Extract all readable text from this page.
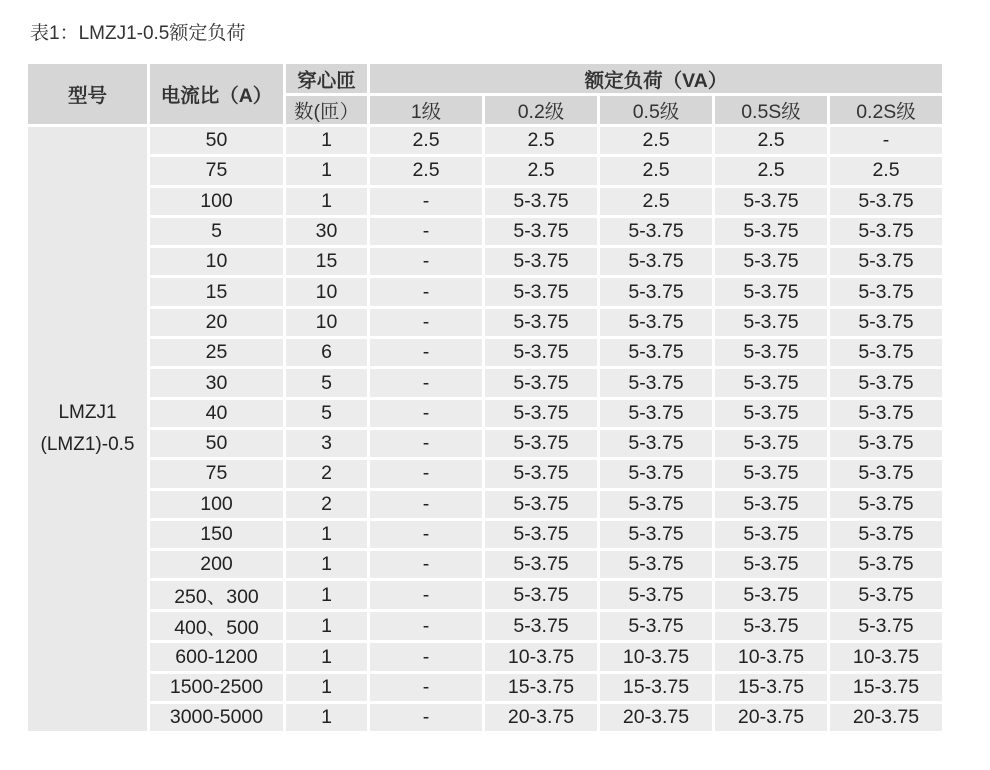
表1：LMZJ1-0.5额定负荷
型号	电流比（A）	穿心匝	额定负荷（VA）				
		数(匝）	1级	0.2级	0.5级	0.5S级	0.2S级

LMZJ1
(LMZ1)-0.5	50	1	2.5	2.5	2.5	2.5	-
	75	1	2.5	2.5	2.5	2.5	2.5
	100	1	-	5-3.75	2.5	5-3.75	5-3.75
	5	30	-	5-3.75	5-3.75	5-3.75	5-3.75
	10	15	-	5-3.75	5-3.75	5-3.75	5-3.75
	15	10	-	5-3.75	5-3.75	5-3.75	5-3.75
	20	10	-	5-3.75	5-3.75	5-3.75	5-3.75
	25	6	-	5-3.75	5-3.75	5-3.75	5-3.75
	30	5	-	5-3.75	5-3.75	5-3.75	5-3.75
	40	5	-	5-3.75	5-3.75	5-3.75	5-3.75
	50	3	-	5-3.75	5-3.75	5-3.75	5-3.75
	75	2	-	5-3.75	5-3.75	5-3.75	5-3.75
	100	2	-	5-3.75	5-3.75	5-3.75	5-3.75
	150	1	-	5-3.75	5-3.75	5-3.75	5-3.75
	200	1	-	5-3.75	5-3.75	5-3.75	5-3.75
	250、300	1	-	5-3.75	5-3.75	5-3.75	5-3.75
	400、500	1	-	5-3.75	5-3.75	5-3.75	5-3.75
	600-1200	1	-	10-3.75	10-3.75	10-3.75	10-3.75
	1500-2500	1	-	15-3.75	15-3.75	15-3.75	15-3.75
	3000-5000	1	-	20-3.75	20-3.75	20-3.75	20-3.75
